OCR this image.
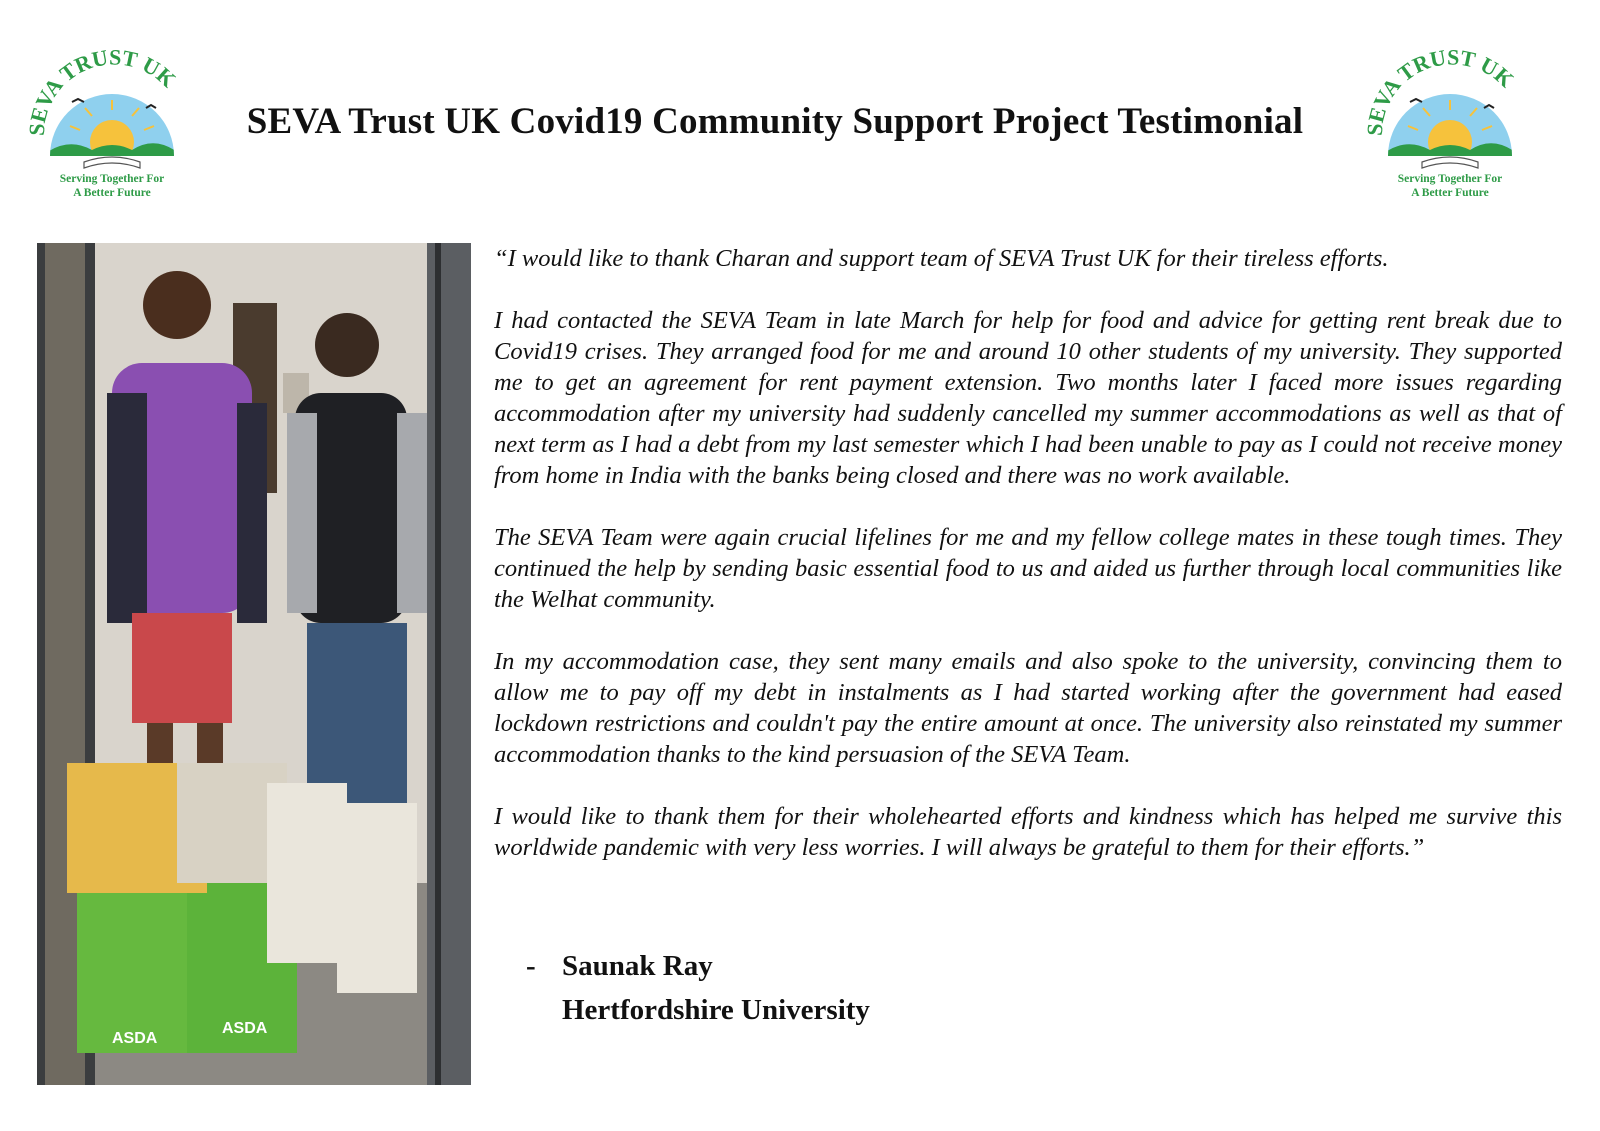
SEVA TRUST UK
Serving Together For
A Better Future
SEVA Trust UK Covid19 Community Support Project Testimonial	SEVA TRUST UK
Serving Together For
A Better Future
ASDA
ASDA

“I would like to thank Charan and support team of SEVA Trust UK for their tireless efforts.

I had contacted the SEVA Team in late March for help for food and advice for getting rent break due to Covid19 crises. They arranged food for me and around 10 other students of my university. They supported me to get an agreement for rent payment extension. Two months later I faced more issues regarding accommodation after my university had suddenly cancelled my summer accommodations as well as that of next term as I had a debt from my last semester which I had been unable to pay as I could not receive money from home in India with the banks being closed and there was no work available.

The SEVA Team were again crucial lifelines for me and my fellow college mates in these tough times. They continued the help by sending basic essential food to us and aided us further through local communities like the Welhat community.

In my accommodation case, they sent many emails and also spoke to the university, convincing them to allow me to pay off my debt in instalments as I had started working after the government had eased lockdown restrictions and couldn't pay the entire amount at once. The university also reinstated my summer accommodation thanks to the kind persuasion of the SEVA Team.

I would like to thank them for their wholehearted efforts and kindness which has helped me survive this worldwide pandemic with very less worries. I will always be grateful to them for their efforts.”

- Saunak Ray
Hertfordshire University
